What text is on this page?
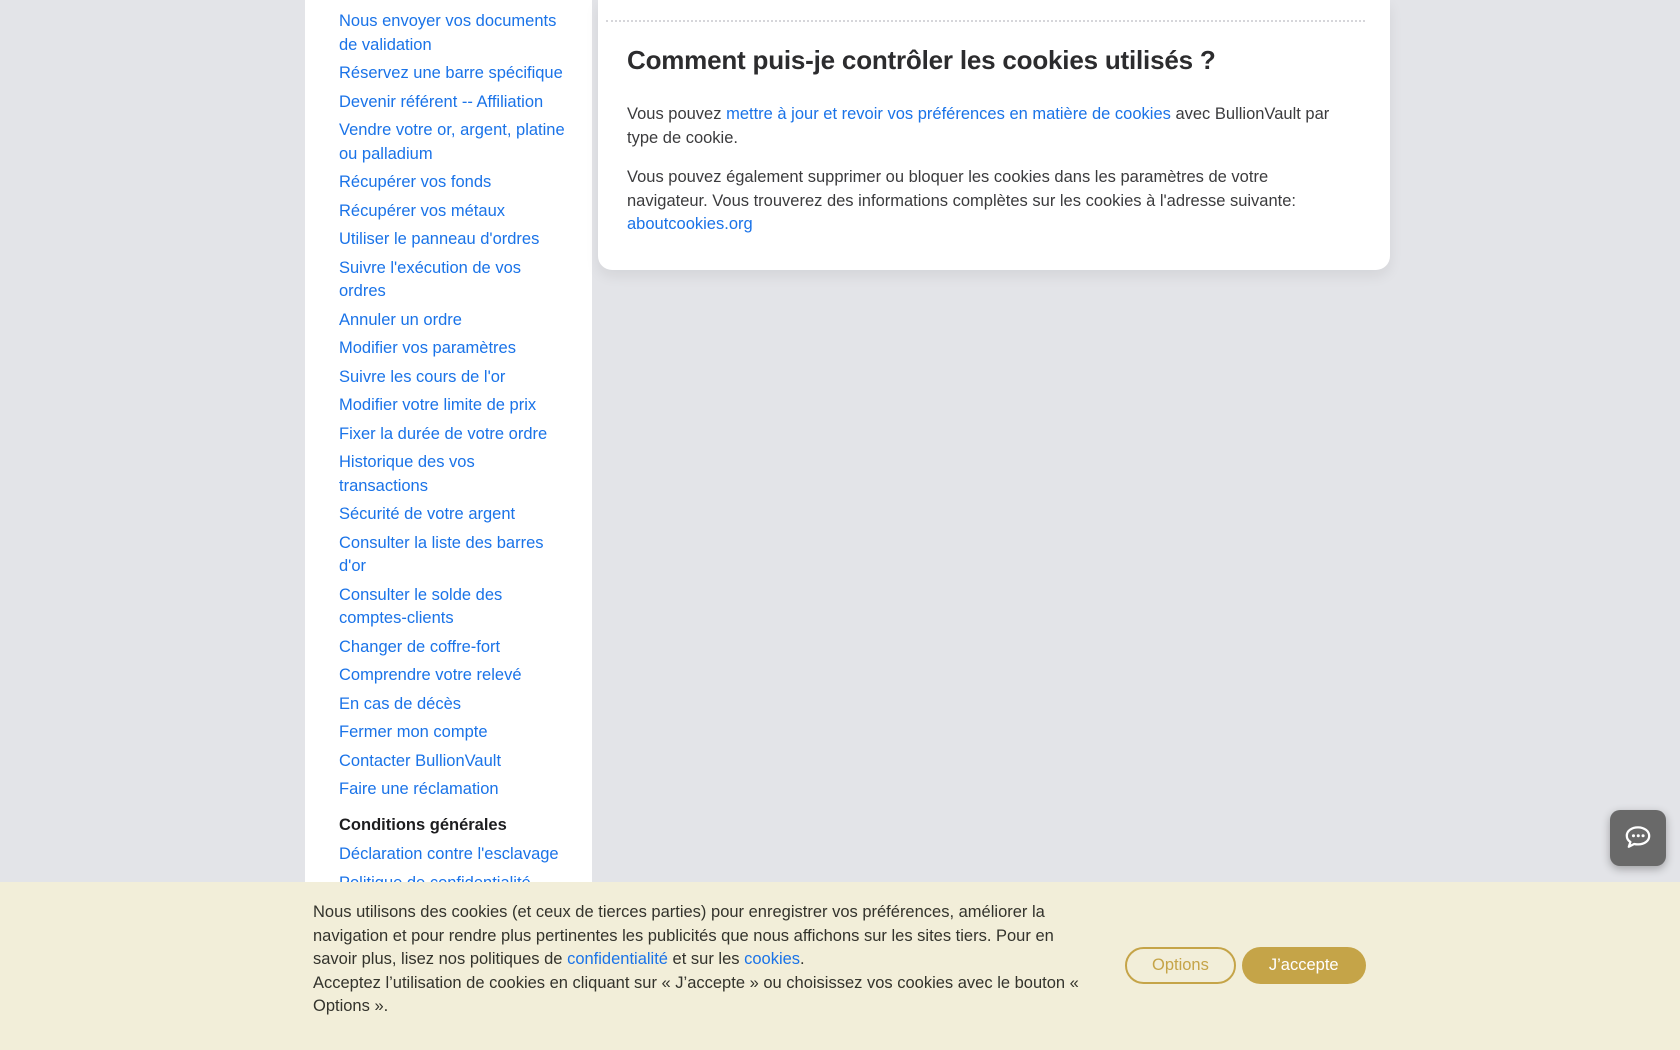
Nous envoyer vos documents
de validation
Réservez une barre spécifique
Devenir référent -- Affiliation
Vendre votre or, argent, platine
ou palladium
Récupérer vos fonds
Récupérer vos métaux
Utiliser le panneau d'ordres
Suivre l'exécution de vos
ordres
Annuler un ordre
Modifier vos paramètres
Suivre les cours de l'or
Modifier votre limite de prix
Fixer la durée de votre ordre
Historique des vos
transactions
Sécurité de votre argent
Consulter la liste des barres
d'or
Consulter le solde des
comptes-clients
Changer de coffre-fort
Comprendre votre relevé
En cas de décès
Fermer mon compte
Contacter BullionVault
Faire une réclamation
Conditions générales
Déclaration contre l'esclavage
Comment puis-je contrôler les cookies utilisés ?

Vous pouvez mettre à jour et revoir vos préférences en matière de cookies avec BullionVault par
type de cookie.

Vous pouvez également supprimer ou bloquer les cookies dans les paramètres de votre
navigateur. Vous trouverez des informations complètes sur les cookies à l'adresse suivante:
aboutcookies.org

Nous utilisons des cookies (et ceux de tierces parties) pour enregistrer vos préférences, améliorer la
navigation et pour rendre plus pertinentes les publicités que nous affichons sur les sites tiers. Pour en
savoir plus, lisez nos politiques de confidentialité et sur les cookies.
Acceptez l’utilisation de cookies en cliquant sur « J’accepte » ou choisissez vos cookies avec le bouton «
Options ».
Options	J’accepte
